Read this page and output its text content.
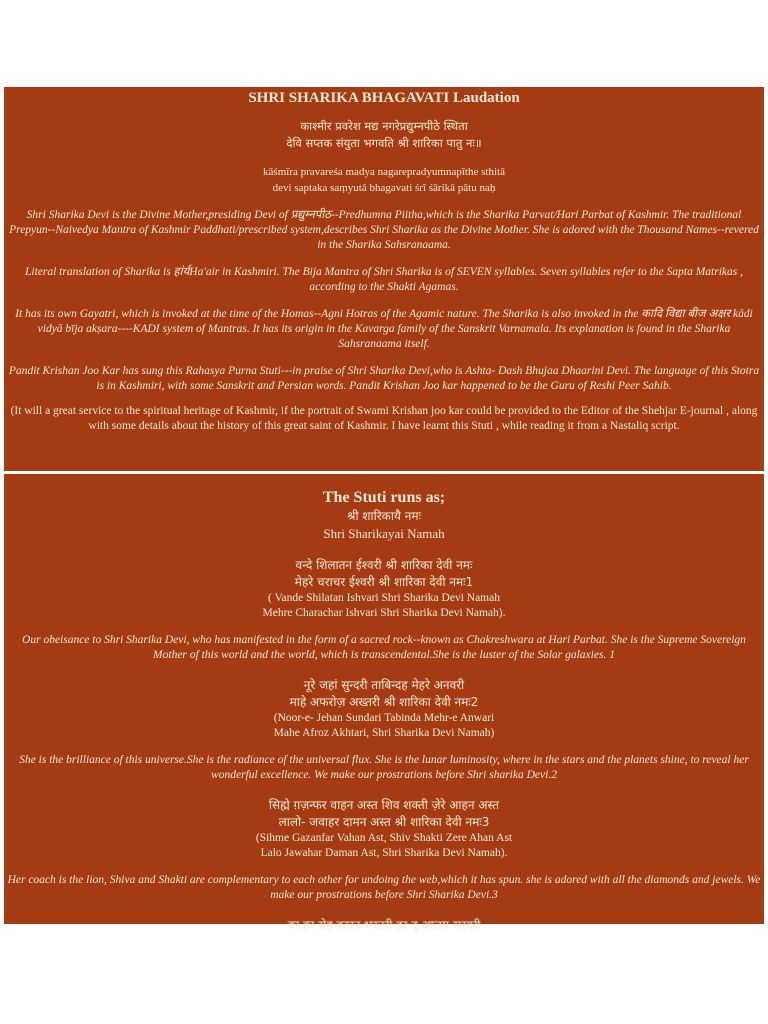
SHRI SHARIKA BHAGAVATI Laudation
काश्मीर प्रवरेश मद्य नगरेप्रद्युम्नपीठे स्थिता
देवि सप्तक संयुता भगवति श्री शारिका पातु नः॥
kāśmīra pravareśa madya nagarepradyumnapīthe sthitā
devi saptaka saṃyutā bhagavati śrī śārikā pātu naḥ
Shri Sharika Devi is the Divine Mother,presiding Devi of प्रद्युम्नपीठ--Predhumna Piitha,which is the Sharika Parvat/Hari Parbat of Kashmir. The traditional Prepyun--Naivedya Mantra of Kashmir Paddhati/prescribed system,describes Shri Sharika as the Divine Mother. She is adored with the Thousand Names--revered in the Sharika Sahsranaama.
Literal translation of Sharika is हांर्यHa'air in Kashmiri. The Bija Mantra of Shri Sharika is of SEVEN syllables. Seven syllables refer to the Sapta Matrikas , according to the Shakti Agamas.
It has its own Gayatri, which is invoked at the time of the Homas--Agni Hotras of the Agamic nature. The Sharika is also invoked in the कादि विद्या बीज अक्षर kādi vidyā bīja akṣara----KADI system of Mantras. It has its origin in the Kavarga family of the Sanskrit Varnamala. Its explanation is found in the Sharika Sahsranaama itself.
Pandit Krishan Joo Kar has sung this Rahasya Purna Stuti---in praise of Shri Sharika Devi,who is Ashta- Dash Bhujaa Dhaarini Devi. The language of this Stotra is in Kashmiri, with some Sanskrit and Persian words. Pandit Krishan Joo kar happened to be the Guru of Reshi Peer Sahib.
(It will a great service to the spiritual heritage of Kashmir, if the portrait of Swami Krishan joo kar could be provided to the Editor of the Shehjar E-journal , along with some details about the history of this great saint of Kashmir. I have learnt this Stuti , while reading it from a Nastaliq script.
The Stuti runs as;
श्री शारिकायै नमः
Shri Sharikayai Namah
वन्दे शिलातन ईश्वरी श्री शारिका देवी नमः
मेहरे चराचर ईश्वरी श्री शारिका देवी नमः1
( Vande Shilatan Ishvari Shri Sharika Devi Namah
Mehre Charachar Ishvari Shri Sharika Devi Namah).
Our obeisance to Shri Sharika Devi, who has manifested in the form of a sacred rock--known as Chakreshwara at Hari Parbat. She is the Supreme Sovereign Mother of this world and the world, which is transcendental.She is the luster of the Solar galaxies. 1
नूरे जहां सुन्दरी ताबिन्दह मेहरे अनवरी
माहे अफरोज़ अख्तरी श्री शारिका देवी नमः2
(Noor-e- Jehan Sundari Tabinda Mehr-e Anwari
Mahe Afroz Akhtari, Shri Sharika Devi Namah)
She is the brilliance of this universe.She is the radiance of the universal flux. She is the lunar luminosity, where in the stars and the planets shine, to reveal her wonderful excellence. We make our prostrations before Shri sharika Devi.2
सिह्मे ग़ज़न्फर वाहन अस्त शिव शक्ती ज़ेरे आहन अस्त
लालो- जवाहर दामन अस्त श्री शारिका देवी नमः3
(Sihme Gazanfar Vahan Ast, Shiv Shakti Zere Ahan Ast
Lalo Jawahar Daman Ast, Shri Sharika Devi Namah).
Her coach is the lion, Shiva and Shakti are complementary to each other for undoing the web,which it has spun. she is adored with all the diamonds and jewels. We make our prostrations before Shri Sharika Devi.3
बर हर सेह कारन भरतरी हर दु आलम सरवरी
